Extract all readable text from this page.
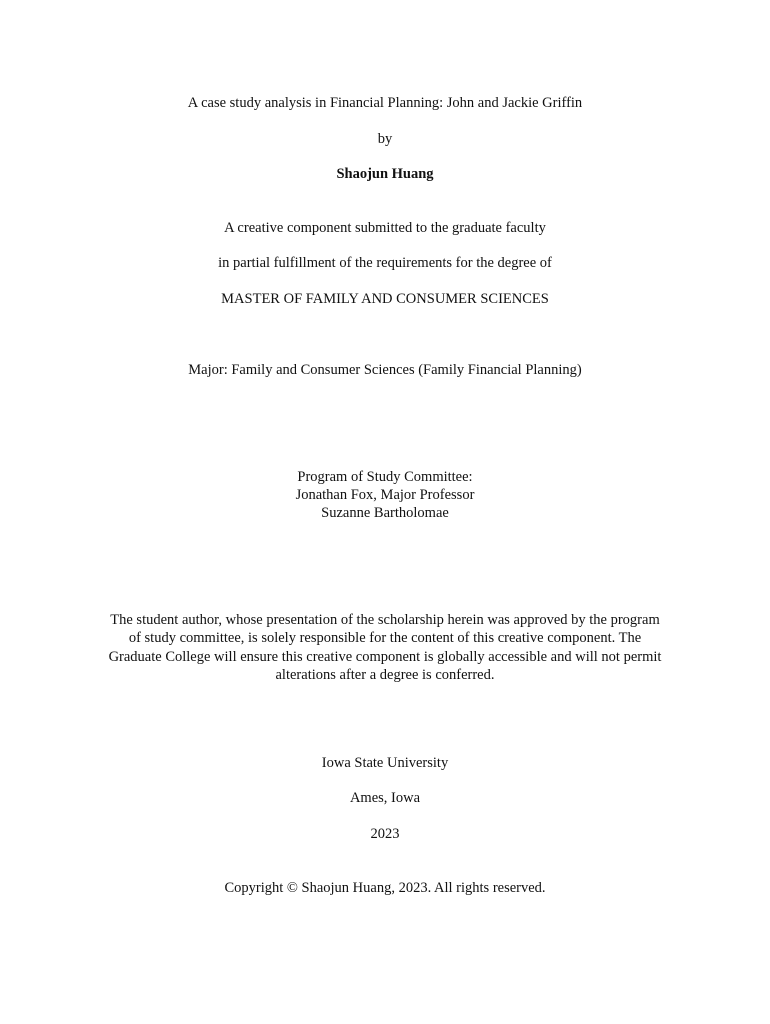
A case study analysis in Financial Planning: John and Jackie Griffin
by
Shaojun Huang
A creative component submitted to the graduate faculty
in partial fulfillment of the requirements for the degree of
MASTER OF FAMILY AND CONSUMER SCIENCES
Major: Family and Consumer Sciences (Family Financial Planning)
Program of Study Committee:
Jonathan Fox, Major Professor
Suzanne Bartholomae
The student author, whose presentation of the scholarship herein was approved by the program
of study committee, is solely responsible for the content of this creative component. The
Graduate College will ensure this creative component is globally accessible and will not permit
alterations after a degree is conferred.
Iowa State University
Ames, Iowa
2023
Copyright © Shaojun Huang, 2023. All rights reserved.
